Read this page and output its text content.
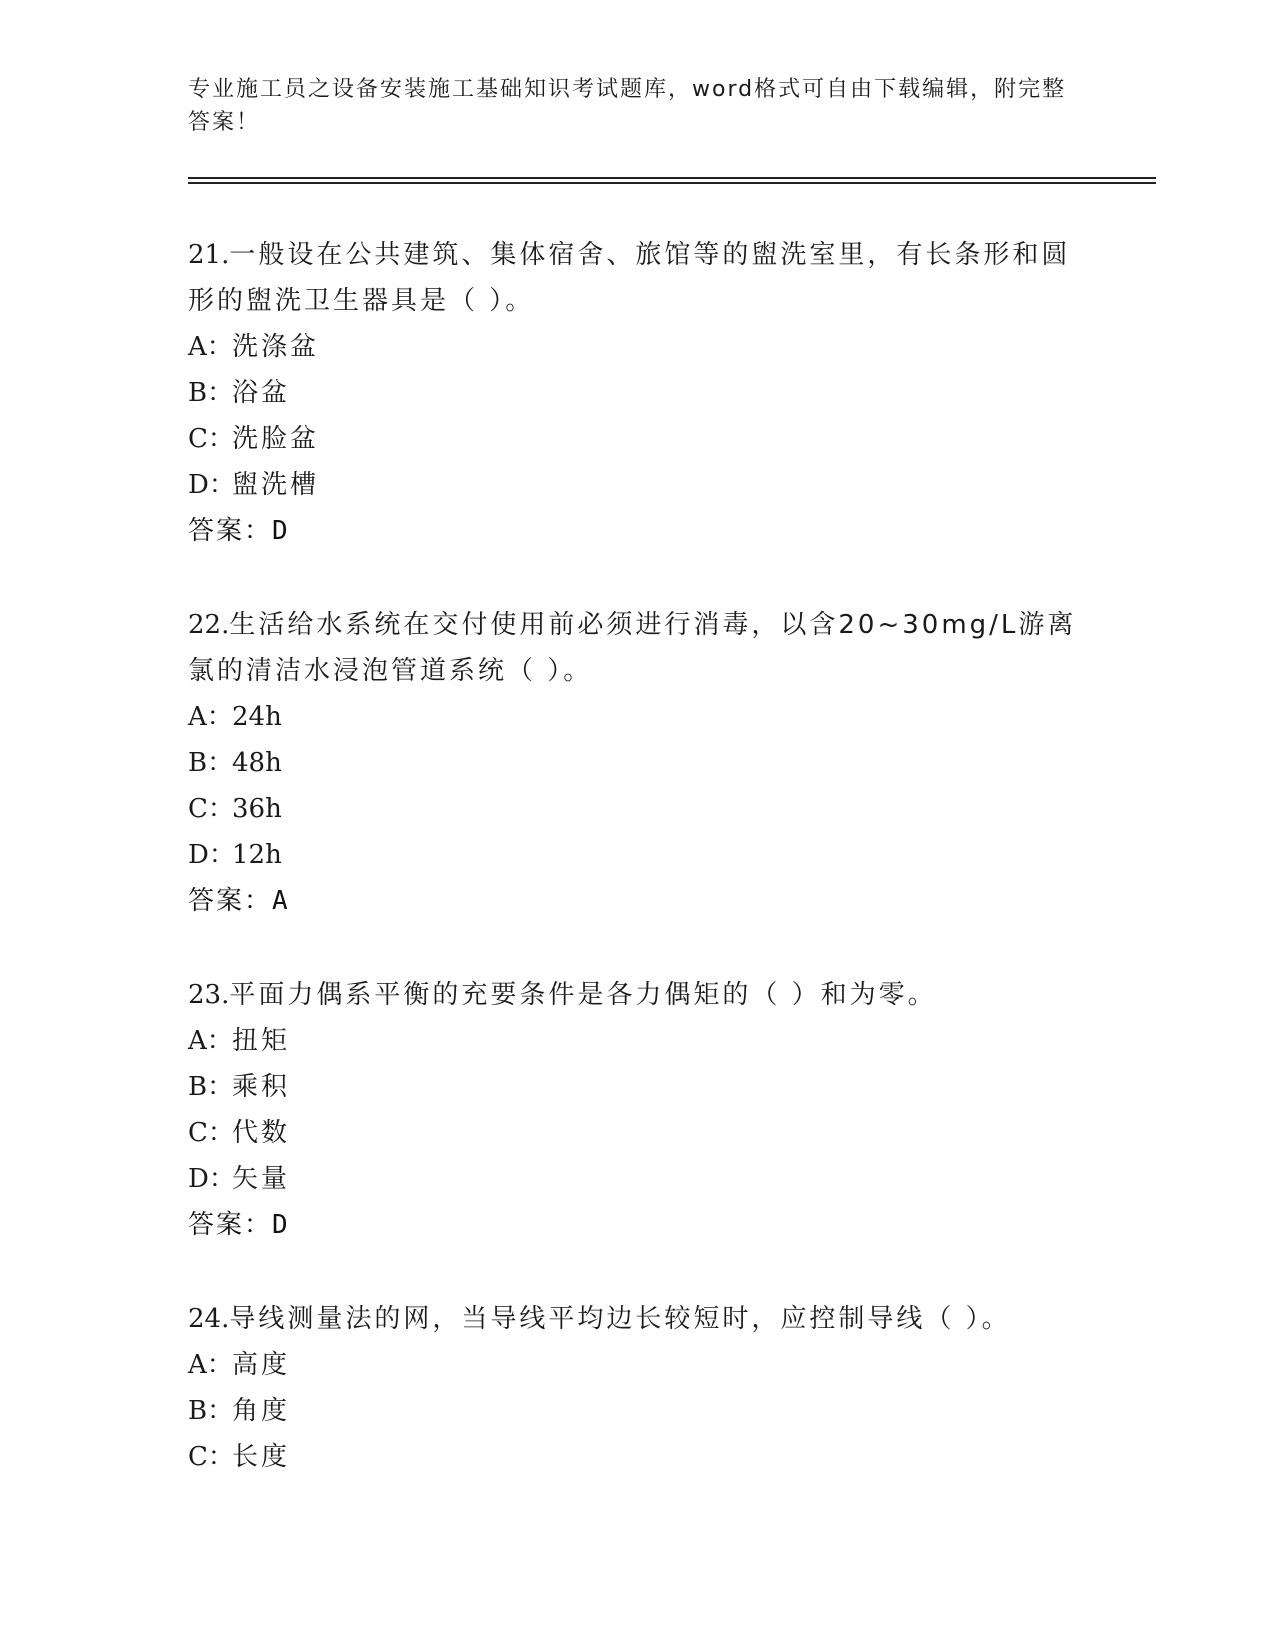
专业施工员之设备安装施工基础知识考试题库，word格式可自由下载编辑，附完整答案！
21.一般设在公共建筑、集体宿舍、旅馆等的盥洗室里，有长条形和圆形的盥洗卫生器具是（ ）。
A： 洗涤盆
B：
浴盆
C：
洗脸盆
D：
盥洗槽
答案：D
22.生活给水系统在交付使用前必须进行消毒，以含20~30mg/L游离氯的清洁水浸泡管道系统（ ）。
A： 24h
B：
48h
C：
36h
D：
12h
答案：A
23.平面力偶系平衡的充要条件是各力偶矩的（ ）和为零。
A： 扭矩
B：
乘积
C：
代数
D：
矢量
答案：D
24.导线测量法的网，当导线平均边长较短时，应控制导线（ ）。
A： 高度
B：
角度
C：
长度
